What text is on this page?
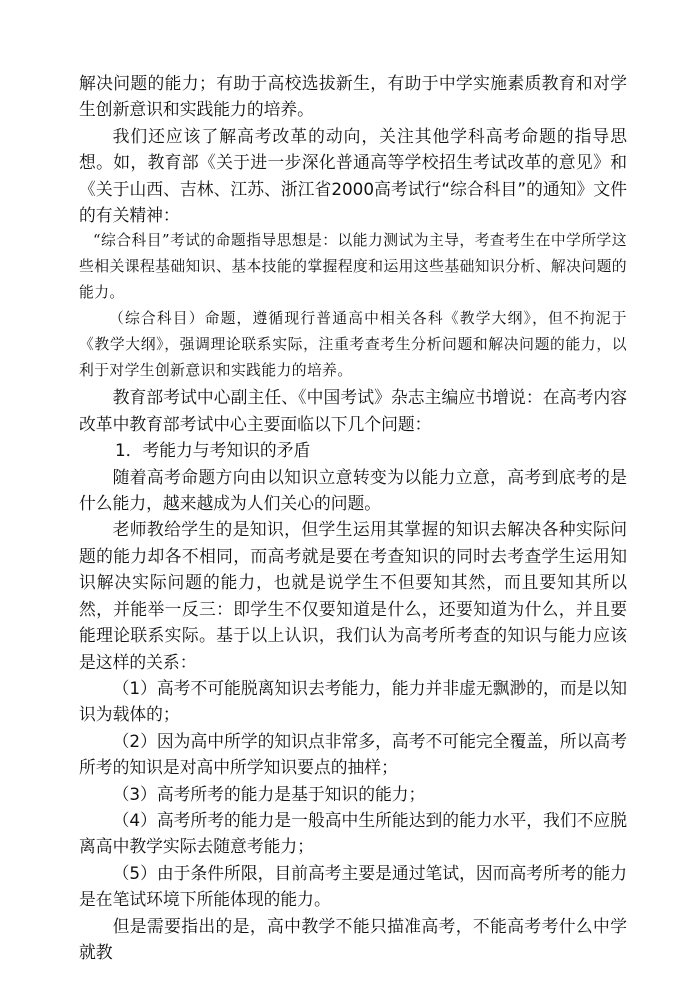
解决问题的能力；有助于高校选拔新生，有助于中学实施素质教育和对学生创新意识和实践能力的培养。

我们还应该了解高考改革的动向，关注其他学科高考命题的指导思想。如，教育部《关于进一步深化普通高等学校招生考试改革的意见》和《关于山西、吉林、江苏、浙江省2000高考试行“综合科目”的通知》文件的有关精神：

“综合科目”考试的命题指导思想是：以能力测试为主导，考查考生在中学所学这些相关课程基础知识、基本技能的掌握程度和运用这些基础知识分析、解决问题的能力。

（综合科目）命题，遵循现行普通高中相关各科《教学大纲》，但不拘泥于《教学大纲》，强调理论联系实际，注重考查考生分析问题和解决问题的能力，以利于对学生创新意识和实践能力的培养。

教育部考试中心副主任、《中国考试》杂志主编应书增说：在高考内容改革中教育部考试中心主要面临以下几个问题：

1．考能力与考知识的矛盾

随着高考命题方向由以知识立意转变为以能力立意，高考到底考的是什么能力，越来越成为人们关心的问题。

老师教给学生的是知识，但学生运用其掌握的知识去解决各种实际问题的能力却各不相同，而高考就是要在考查知识的同时去考查学生运用知识解决实际问题的能力，也就是说学生不但要知其然，而且要知其所以然，并能举一反三：即学生不仅要知道是什么，还要知道为什么，并且要能理论联系实际。基于以上认识，我们认为高考所考查的知识与能力应该是这样的关系：

（1）高考不可能脱离知识去考能力，能力并非虚无飘渺的，而是以知识为载体的；

（2）因为高中所学的知识点非常多，高考不可能完全覆盖，所以高考所考的知识是对高中所学知识要点的抽样；

（3）高考所考的能力是基于知识的能力；

（4）高考所考的能力是一般高中生所能达到的能力水平，我们不应脱离高中教学实际去随意考能力；

（5）由于条件所限，目前高考主要是通过笔试，因而高考所考的能力是在笔试环境下所能体现的能力。

但是需要指出的是，高中教学不能只描准高考，不能高考考什么中学就教
